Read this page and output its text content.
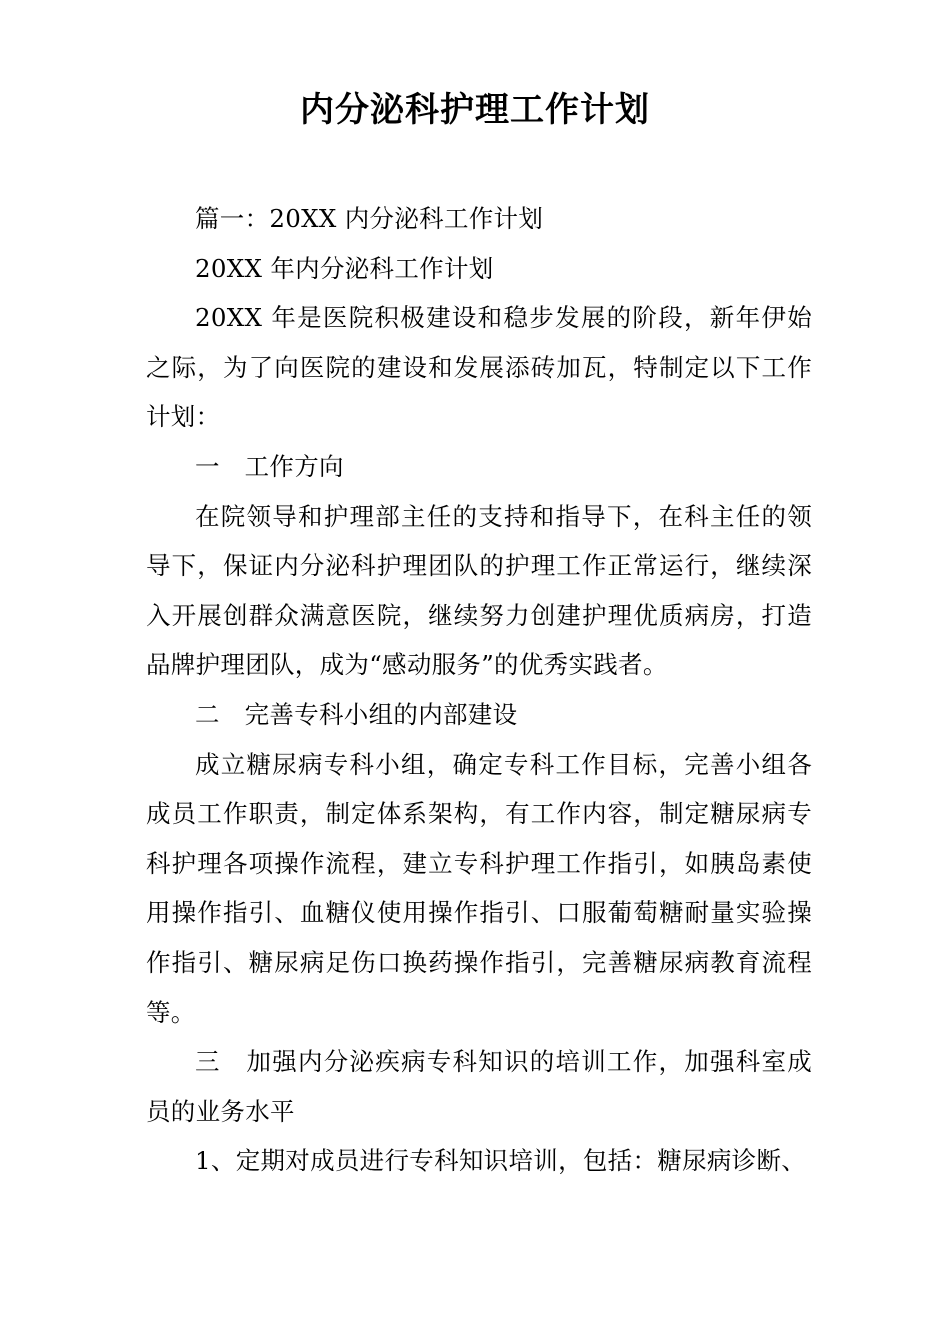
内分泌科护理工作计划

篇一：20XX 内分泌科工作计划

20XX 年内分泌科工作计划

20XX 年是医院积极建设和稳步发展的阶段，新年伊始之际，为了向医院的建设和发展添砖加瓦，特制定以下工作计划：

一　工作方向

在院领导和护理部主任的支持和指导下，在科主任的领导下，保证内分泌科护理团队的护理工作正常运行，继续深入开展创群众满意医院，继续努力创建护理优质病房，打造品牌护理团队，成为“感动服务”的优秀实践者。

二　完善专科小组的内部建设

成立糖尿病专科小组，确定专科工作目标，完善小组各成员工作职责，制定体系架构，有工作内容，制定糖尿病专科护理各项操作流程，建立专科护理工作指引，如胰岛素使用操作指引、血糖仪使用操作指引、口服葡萄糖耐量实验操作指引、糖尿病足伤口换药操作指引，完善糖尿病教育流程等。

三　加强内分泌疾病专科知识的培训工作，加强科室成员的业务水平

1、定期对成员进行专科知识培训，包括：糖尿病诊断、
